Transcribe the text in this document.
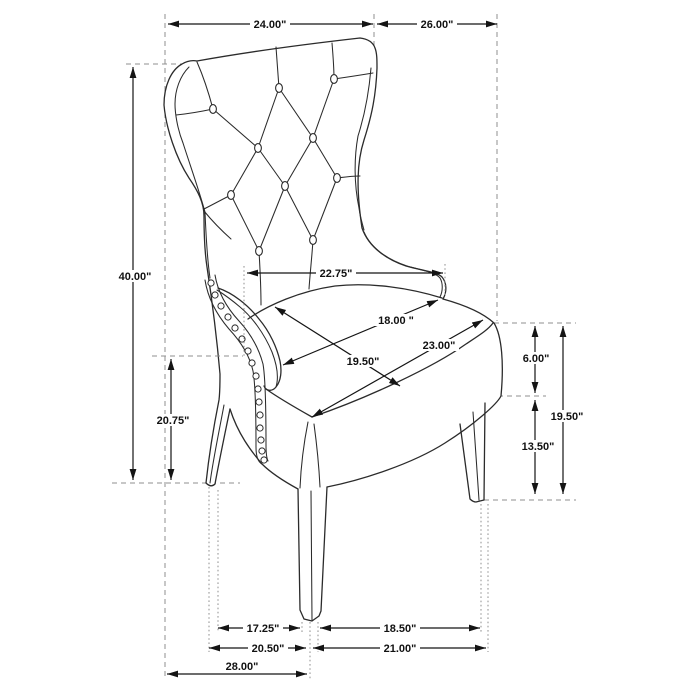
24.00"	26.00"
40.00"
20.75"
22.75"
18.00 "
19.50"
23.00"
6.00"
13.50"
19.50"
17.25"	18.50"
20.50"	21.00"
28.00"
